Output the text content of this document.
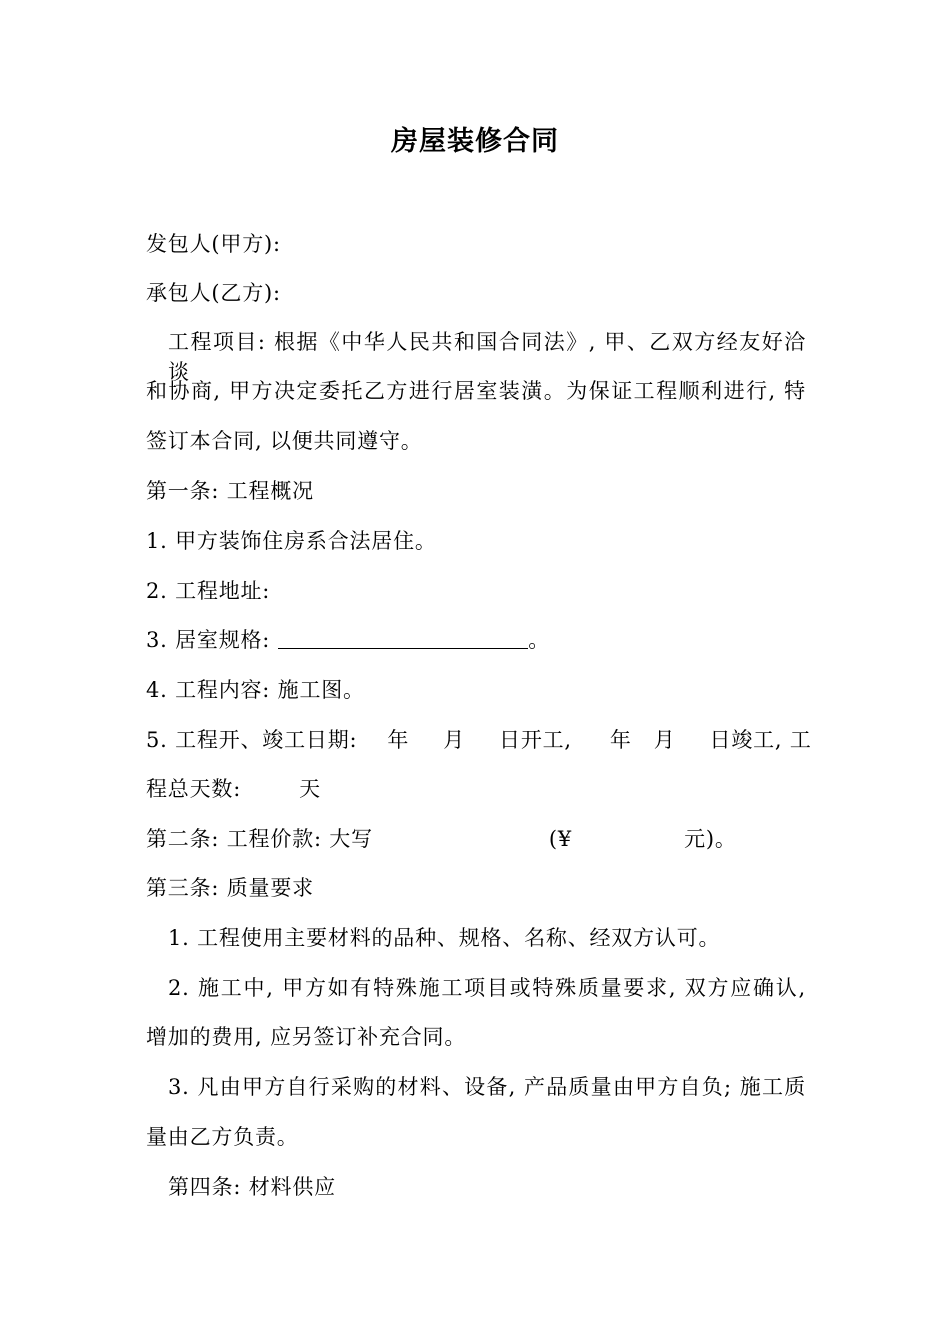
房屋装修合同
发包人(甲方):
承包人(乙方):
工程项目: 根据《中华人民共和国合同法》, 甲、乙双方经友好洽谈
和协商, 甲方决定委托乙方进行居室装潢。为保证工程顺利进行, 特
签订本合同, 以便共同遵守。
第一条: 工程概况
1. 甲方装饰住房系合法居住。
2. 工程地址:
3. 居室规格:	。
4. 工程内容: 施工图。
5. 工程开、竣工日期: 年 月 日开工, 年 月 日竣工, 工
程总天数:	天
第二条: 工程价款: 大写	(¥	元)。
第三条: 质量要求
1. 工程使用主要材料的品种、规格、名称、经双方认可。
2. 施工中, 甲方如有特殊施工项目或特殊质量要求, 双方应确认,
增加的费用, 应另签订补充合同。
3. 凡由甲方自行采购的材料、设备, 产品质量由甲方自负; 施工质
量由乙方负责。
第四条: 材料供应
